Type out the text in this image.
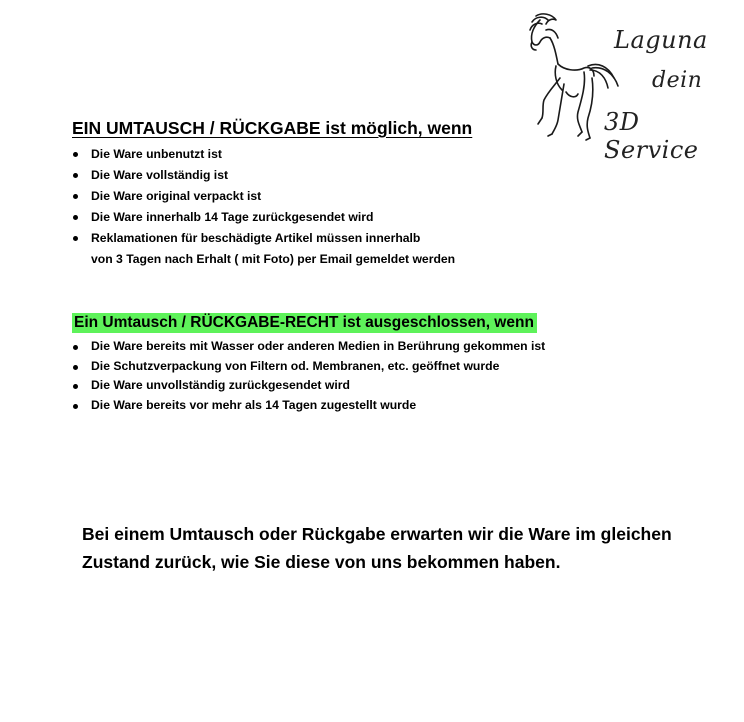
Laguna
dein
3D Service
EIN UMTAUSCH / RÜCKGABE ist möglich, wenn
Die Ware unbenutzt ist
Die Ware vollständig ist
Die Ware original verpackt ist
Die Ware innerhalb 14 Tage zurückgesendet wird
Reklamationen für beschädigte Artikel müssen innerhalb
von 3 Tagen nach Erhalt ( mit Foto) per Email gemeldet werden
Ein Umtausch / RÜCKGABE-RECHT ist ausgeschlossen, wenn
Die Ware bereits mit Wasser oder anderen Medien in Berührung gekommen ist
Die Schutzverpackung von Filtern od. Membranen, etc. geöffnet wurde
Die Ware unvollständig zurückgesendet wird
Die Ware bereits vor mehr als 14 Tagen zugestellt wurde

Bei einem Umtausch oder Rückgabe erwarten wir die Ware im gleichen Zustand zurück, wie Sie diese von uns bekommen haben.
